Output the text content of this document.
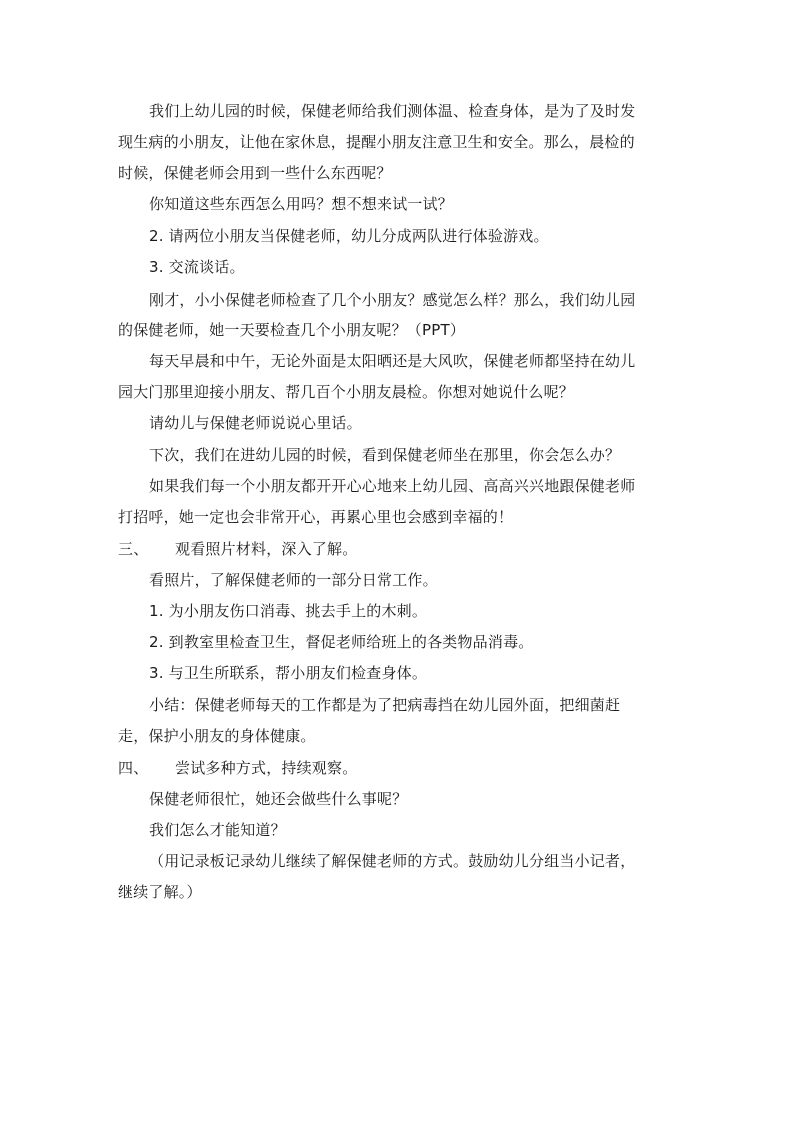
我们上幼儿园的时候，保健老师给我们测体温、检查身体，是为了及时发
现生病的小朋友，让他在家休息，提醒小朋友注意卫生和安全。那么，晨检的
时候，保健老师会用到一些什么东西呢？
你知道这些东西怎么用吗？想不想来试一试？
2. 请两位小朋友当保健老师，幼儿分成两队进行体验游戏。
3. 交流谈话。
刚才，小小保健老师检查了几个小朋友？感觉怎么样？那么，我们幼儿园
的保健老师，她一天要检查几个小朋友呢？（PPT）
每天早晨和中午，无论外面是太阳晒还是大风吹，保健老师都坚持在幼儿
园大门那里迎接小朋友、帮几百个小朋友晨检。你想对她说什么呢？
请幼儿与保健老师说说心里话。
下次，我们在进幼儿园的时候，看到保健老师坐在那里，你会怎么办？
如果我们每一个小朋友都开开心心地来上幼儿园、高高兴兴地跟保健老师
打招呼，她一定也会非常开心，再累心里也会感到幸福的！
三、 观看照片材料，深入了解。
看照片，了解保健老师的一部分日常工作。
1. 为小朋友伤口消毒、挑去手上的木刺。
2. 到教室里检查卫生，督促老师给班上的各类物品消毒。
3. 与卫生所联系，帮小朋友们检查身体。
小结：保健老师每天的工作都是为了把病毒挡在幼儿园外面，把细菌赶
走，保护小朋友的身体健康。
四、 尝试多种方式，持续观察。
保健老师很忙，她还会做些什么事呢？
我们怎么才能知道？
（用记录板记录幼儿继续了解保健老师的方式。鼓励幼儿分组当小记者，
继续了解。）
